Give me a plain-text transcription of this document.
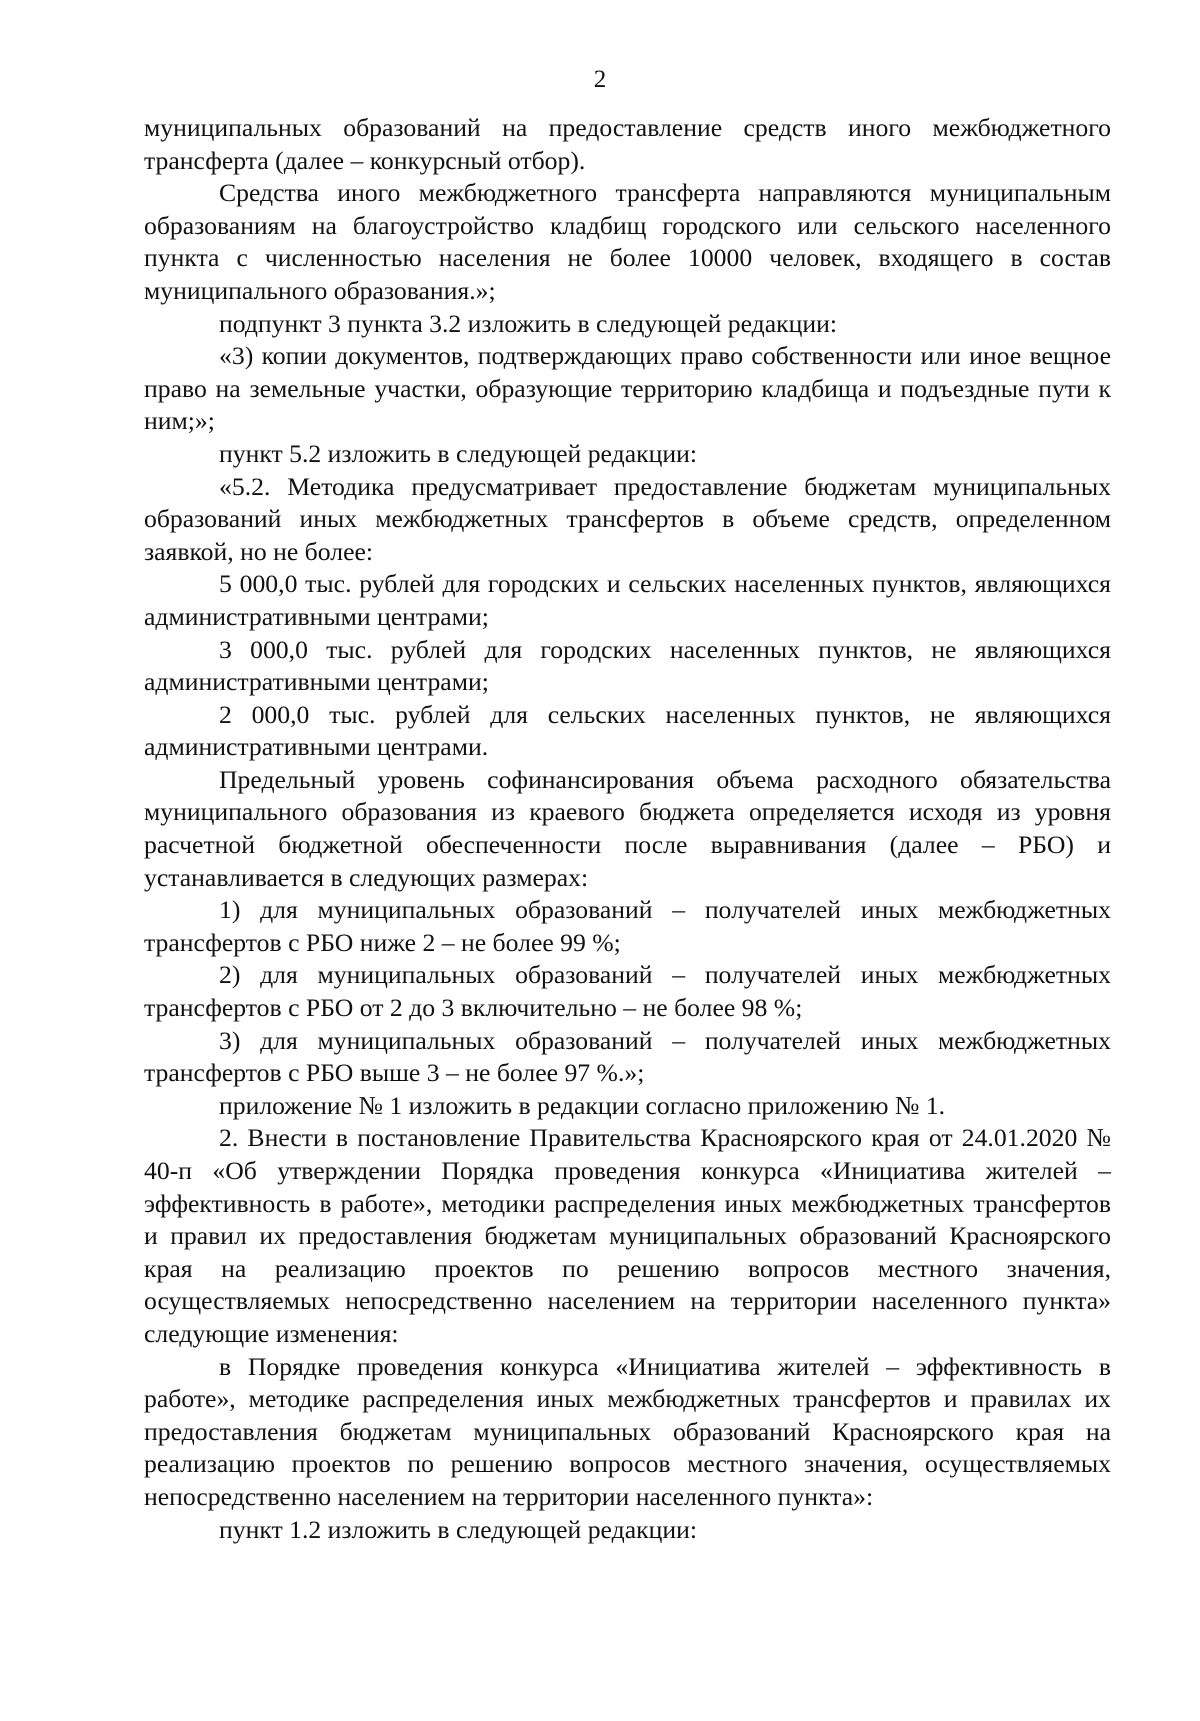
2

муниципальных образований на предоставление средств иного межбюджетного трансферта (далее – конкурсный отбор).

Средства иного межбюджетного трансферта направляются муниципальным образованиям на благоустройство кладбищ городского или сельского населенного пункта с численностью населения не более 10000 человек, входящего в состав муниципального образования.»;

подпункт 3 пункта 3.2 изложить в следующей редакции:

«3) копии документов, подтверждающих право собственности или иное вещное право на земельные участки, образующие территорию кладбища и подъездные пути к ним;»;

пункт 5.2 изложить в следующей редакции:

«5.2. Методика предусматривает предоставление бюджетам муниципальных образований иных межбюджетных трансфертов в объеме средств, определенном заявкой, но не более:

5 000,0 тыс. рублей для городских и сельских населенных пунктов, являющихся административными центрами;

3 000,0 тыс. рублей для городских населенных пунктов, не являющихся административными центрами;

2 000,0 тыс. рублей для сельских населенных пунктов, не являющихся административными центрами.

Предельный уровень софинансирования объема расходного обязательства муниципального образования из краевого бюджета определяется исходя из уровня расчетной бюджетной обеспеченности после выравнивания (далее – РБО) и устанавливается в следующих размерах:

1) для муниципальных образований – получателей иных межбюджетных трансфертов с РБО ниже 2 – не более 99 %;

2) для муниципальных образований – получателей иных межбюджетных трансфертов с РБО от 2 до 3 включительно – не более 98 %;

3) для муниципальных образований – получателей иных межбюджетных трансфертов с РБО выше 3 – не более 97 %.»;

приложение № 1 изложить в редакции согласно приложению № 1.

2. Внести в постановление Правительства Красноярского края от 24.01.2020 № 40-п «Об утверждении Порядка проведения конкурса «Инициатива жителей – эффективность в работе», методики распределения иных межбюджетных трансфертов и правил их предоставления бюджетам муниципальных образований Красноярского края на реализацию проектов по решению вопросов местного значения, осуществляемых непосредственно населением на территории населенного пункта» следующие изменения:

в Порядке проведения конкурса «Инициатива жителей – эффективность в работе», методике распределения иных межбюджетных трансфертов и правилах их предоставления бюджетам муниципальных образований Красноярского края на реализацию проектов по решению вопросов местного значения, осуществляемых непосредственно населением на территории населенного пункта»:

пункт 1.2 изложить в следующей редакции:
